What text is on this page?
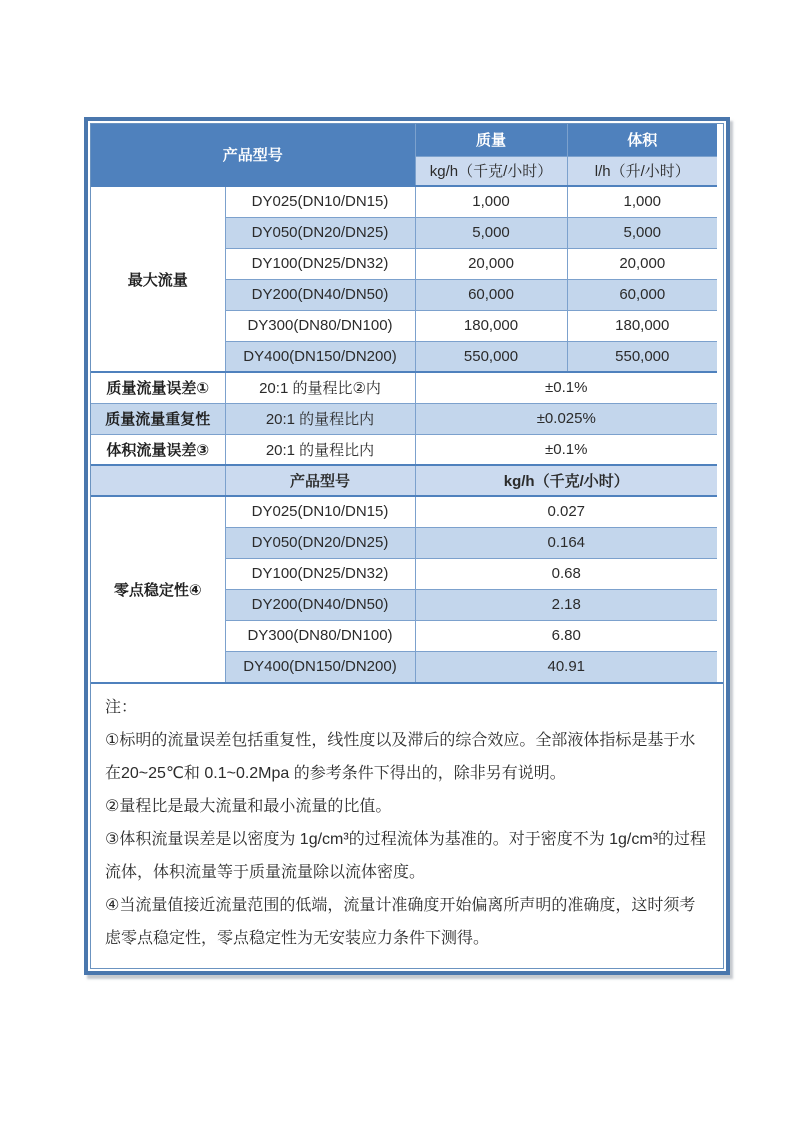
产品型号		质量	体积
		kg/h（千克/小时）	l/h（升/小时）
最大流量	DY025(DN10/DN15)	1,000	1,000
	DY050(DN20/DN25)	5,000	5,000
	DY100(DN25/DN32)	20,000	20,000
	DY200(DN40/DN50)	60,000	60,000
	DY300(DN80/DN100)	180,000	180,000
	DY400(DN150/DN200)	550,000	550,000
质量流量误差①	20:1 的量程比②内	±0.1%	
质量流量重复性	20:1 的量程比内	±0.025%	
体积流量误差③	20:1 的量程比内	±0.1%	
	产品型号	kg/h（千克/小时）	
零点稳定性④	DY025(DN10/DN15)	0.027	
	DY050(DN20/DN25)	0.164	
	DY100(DN25/DN32)	0.68	
	DY200(DN40/DN50)	2.18	
	DY300(DN80/DN100)	6.80	
	DY400(DN150/DN200)	40.91	

注：

①标明的流量误差包括重复性，线性度以及滞后的综合效应。全部液体指标是基于水在20~25℃和 0.1~0.2Mpa 的参考条件下得出的，除非另有说明。

②量程比是最大流量和最小流量的比值。

③体积流量误差是以密度为 1g/cm³的过程流体为基准的。对于密度不为 1g/cm³的过程流体，体积流量等于质量流量除以流体密度。

④当流量值接近流量范围的低端，流量计准确度开始偏离所声明的准确度，这时须考虑零点稳定性，零点稳定性为无安装应力条件下测得。
